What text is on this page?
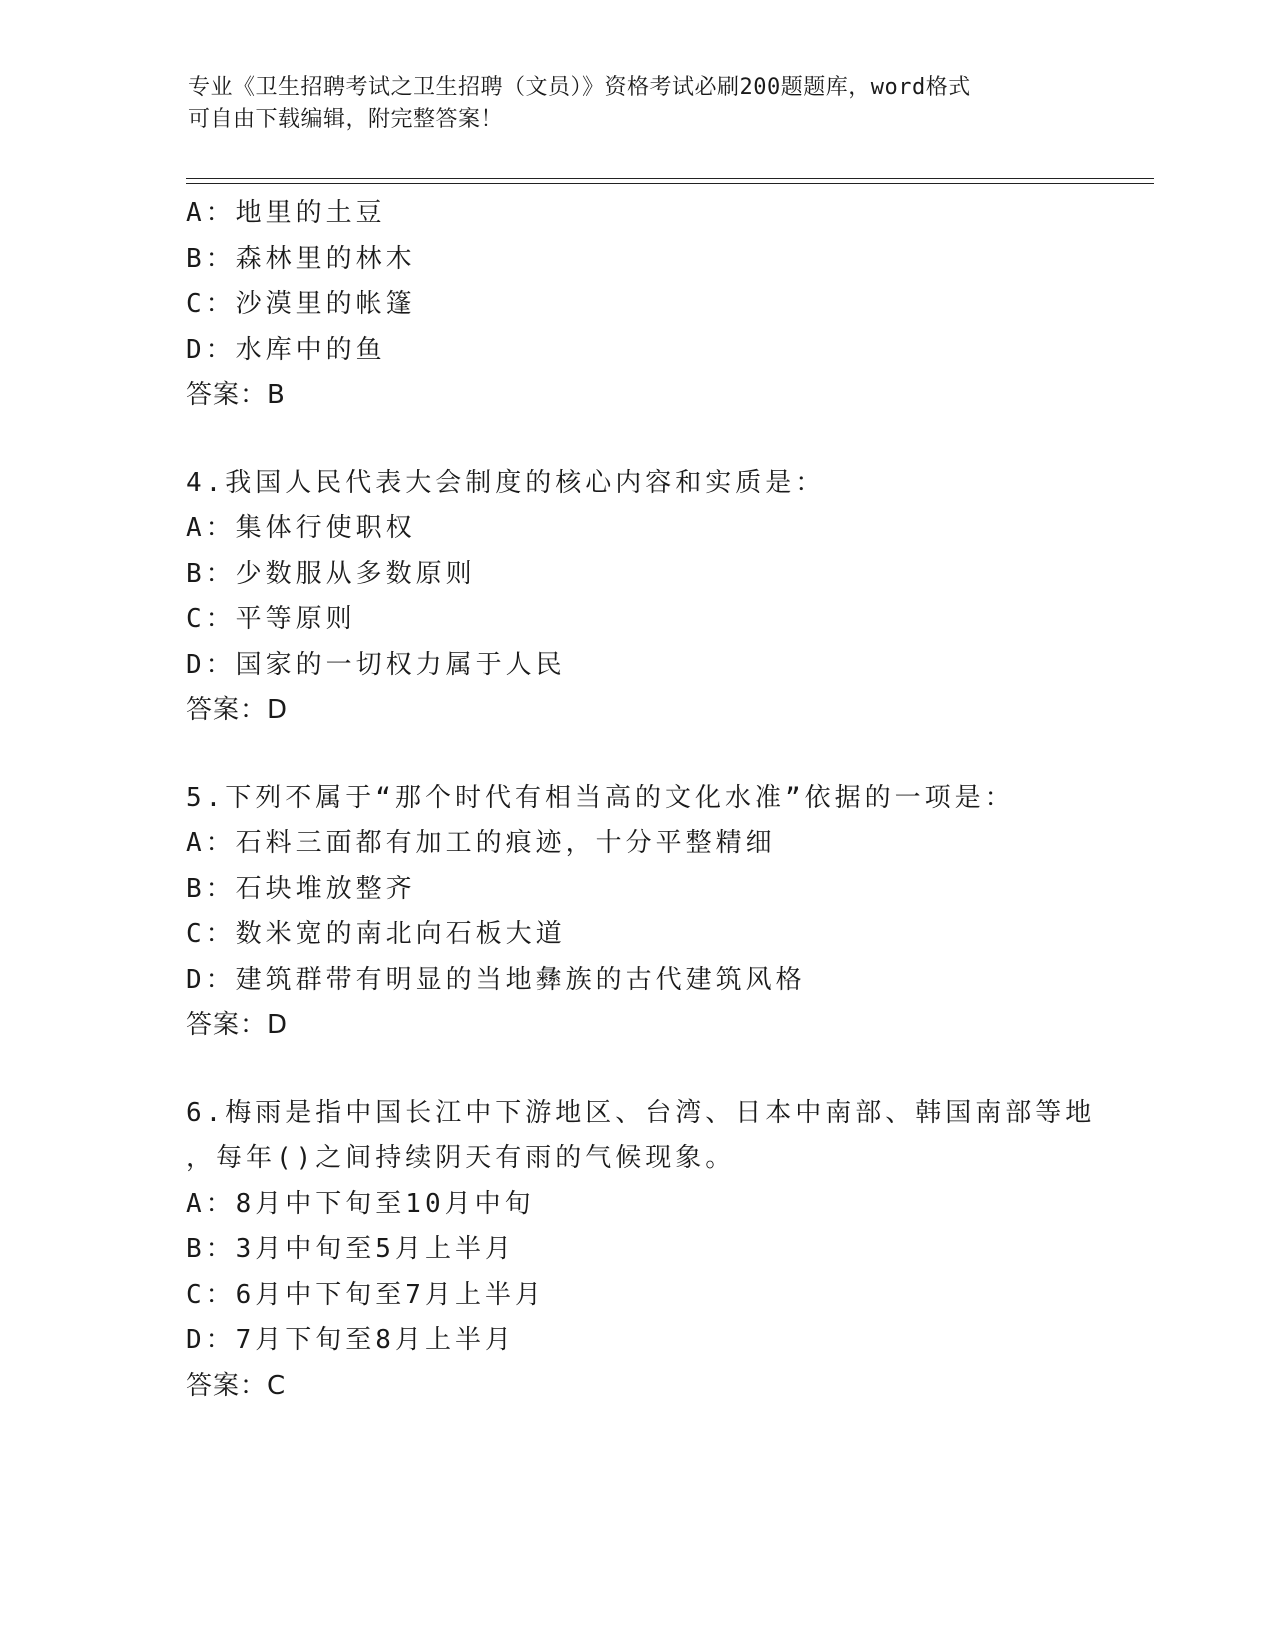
专业《卫生招聘考试之卫生招聘（文员）》资格考试必刷200题题库，word格式
可自由下载编辑，附完整答案！
A：地里的土豆
B：森林里的林木
C：沙漠里的帐篷
D：水库中的鱼
答案：B
4.我国人民代表大会制度的核心内容和实质是：
A：集体行使职权
B：少数服从多数原则
C：平等原则
D：国家的一切权力属于人民
答案：D
5.下列不属于“那个时代有相当高的文化水准”依据的一项是：
A：石料三面都有加工的痕迹，十分平整精细
B：石块堆放整齐
C：数米宽的南北向石板大道
D：建筑群带有明显的当地彝族的古代建筑风格
答案：D
6.梅雨是指中国长江中下游地区、台湾、日本中南部、韩国南部等地
，每年()之间持续阴天有雨的气候现象。
A：8月中下旬至10月中旬
B：3月中旬至5月上半月
C：6月中下旬至7月上半月
D：7月下旬至8月上半月
答案：C
